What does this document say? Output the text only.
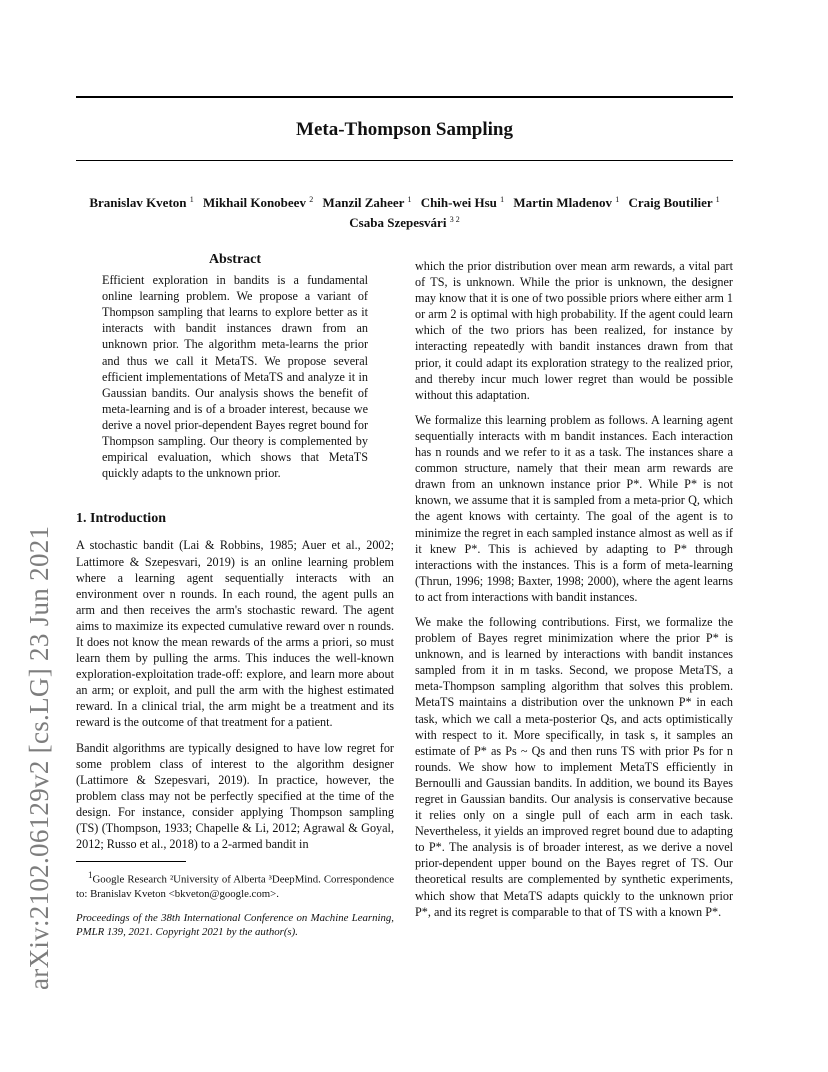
Meta-Thompson Sampling
Branislav Kveton $^1$ Mikhail Konobeev $^2$ Manzil Zaheer $^1$ Chih-wei Hsu $^1$ Martin Mladenov $^1$ Craig Boutilier $^1$
Csaba Szepesvári $^{3 2}$
arXiv:2102.06129v2 [cs.LG] 23 Jun 2021
Abstract
Efficient exploration in bandits is a fundamental online learning problem. We propose a variant of Thompson sampling that learns to explore better as it interacts with bandit instances drawn from an unknown prior. The algorithm meta-learns the prior and thus we call it MetaTS. We propose several efficient implementations of MetaTS and analyze it in Gaussian bandits. Our analysis shows the benefit of meta-learning and is of a broader interest, because we derive a novel prior-dependent Bayes regret bound for Thompson sampling. Our theory is complemented by empirical evaluation, which shows that MetaTS quickly adapts to the unknown prior.
1. Introduction

A stochastic bandit (Lai & Robbins, 1985; Auer et al., 2002; Lattimore & Szepesvari, 2019) is an online learning problem where a learning agent sequentially interacts with an environment over n rounds. In each round, the agent pulls an arm and then receives the arm's stochastic reward. The agent aims to maximize its expected cumulative reward over n rounds. It does not know the mean rewards of the arms a priori, so must learn them by pulling the arms. This induces the well-known exploration-exploitation trade-off: explore, and learn more about an arm; or exploit, and pull the arm with the highest estimated reward. In a clinical trial, the arm might be a treatment and its reward is the outcome of that treatment for a patient.

Bandit algorithms are typically designed to have low regret for some problem class of interest to the algorithm designer (Lattimore & Szepesvari, 2019). In practice, however, the problem class may not be perfectly specified at the time of the design. For instance, consider applying Thompson sampling (TS) (Thompson, 1933; Chapelle & Li, 2012; Agrawal & Goyal, 2012; Russo et al., 2018) to a 2-armed bandit in

$^1$Google Research ²University of Alberta ³DeepMind. Correspondence to: Branislav Kveton <bkveton@google.com>.
Proceedings of the 38th International Conference on Machine Learning, PMLR 139, 2021. Copyright 2021 by the author(s).

which the prior distribution over mean arm rewards, a vital part of TS, is unknown. While the prior is unknown, the designer may know that it is one of two possible priors where either arm 1 or arm 2 is optimal with high probability. If the agent could learn which of the two priors has been realized, for instance by interacting repeatedly with bandit instances drawn from that prior, it could adapt its exploration strategy to the realized prior, and thereby incur much lower regret than would be possible without this adaptation.

We formalize this learning problem as follows. A learning agent sequentially interacts with m bandit instances. Each interaction has n rounds and we refer to it as a task. The instances share a common structure, namely that their mean arm rewards are drawn from an unknown instance prior P*. While P* is not known, we assume that it is sampled from a meta-prior Q, which the agent knows with certainty. The goal of the agent is to minimize the regret in each sampled instance almost as well as if it knew P*. This is achieved by adapting to P* through interactions with the instances. This is a form of meta-learning (Thrun, 1996; 1998; Baxter, 1998; 2000), where the agent learns to act from interactions with bandit instances.

We make the following contributions. First, we formalize the problem of Bayes regret minimization where the prior P* is unknown, and is learned by interactions with bandit instances sampled from it in m tasks. Second, we propose MetaTS, a meta-Thompson sampling algorithm that solves this problem. MetaTS maintains a distribution over the unknown P* in each task, which we call a meta-posterior Qs, and acts optimistically with respect to it. More specifically, in task s, it samples an estimate of P* as Ps ~ Qs and then runs TS with prior Ps for n rounds. We show how to implement MetaTS efficiently in Bernoulli and Gaussian bandits. In addition, we bound its Bayes regret in Gaussian bandits. Our analysis is conservative because it relies only on a single pull of each arm in each task. Nevertheless, it yields an improved regret bound due to adapting to P*. The analysis is of broader interest, as we derive a novel prior-dependent upper bound on the Bayes regret of TS. Our theoretical results are complemented by synthetic experiments, which show that MetaTS adapts quickly to the unknown prior P*, and its regret is comparable to that of TS with a known P*.
